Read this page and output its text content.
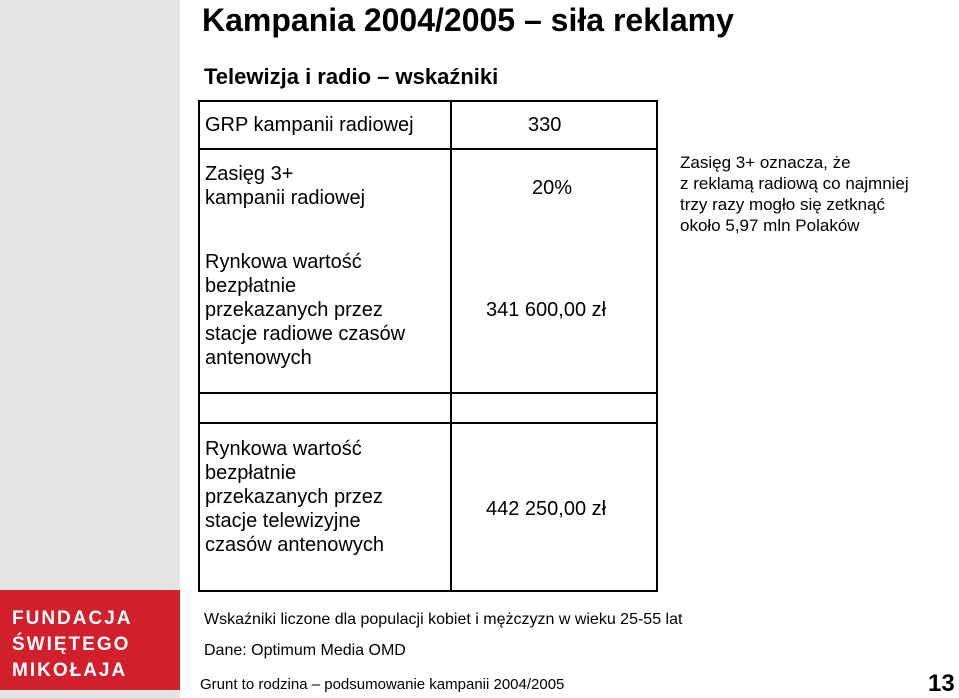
FUNDACJA
ŚWIĘTEGO
MIKOŁAJA
Kampania 2004/2005 – siła reklamy
Telewizja i radio – wskaźniki
GRP kampanii radiowej	330
Zasięg 3+
kampanii radiowej	20%
Rynkowa wartość
bezpłatnie
przekazanych przez
stacje radiowe czasów
antenowych
341 600,00 zł
Rynkowa wartość
bezpłatnie
przekazanych przez
stacje telewizyjne
czasów antenowych
442 250,00 zł
Zasięg 3+ oznacza, że
z reklamą radiową co najmniej
trzy razy mogło się zetknąć
około 5,97 mln Polaków
Wskaźniki liczone dla populacji kobiet i mężczyzn w wieku 25-55 lat
Dane: Optimum Media OMD
Grunt to rodzina – podsumowanie kampanii 2004/2005	13
